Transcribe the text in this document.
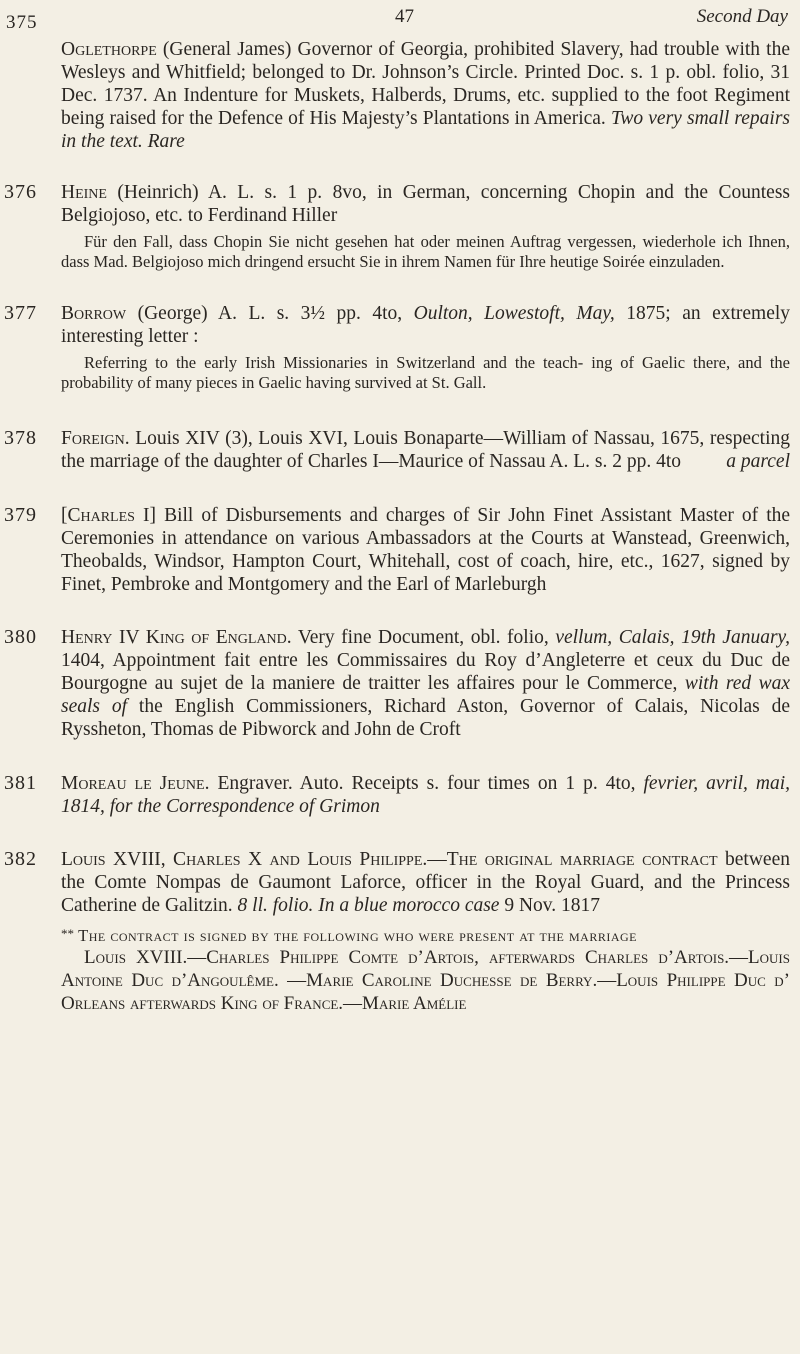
375	47	Second Day
Oglethorpe (General James) Governor of Georgia, prohibited Slavery, had trouble with the Wesleys and Whitfield; belonged to Dr. Johnson’s Circle. Printed Doc. s. 1 p. obl. folio, 31 Dec. 1737. An Indenture for Muskets, Halberds, Drums, etc. supplied to the foot Regiment being raised for the Defence of His Majesty’s Plantations in America. Two very small repairs in the text. Rare
376	Heine (Heinrich) A. L. s. 1 p. 8vo, in German, concerning Chopin and the Countess Belgiojoso, etc. to Ferdinand Hiller
Für den Fall, dass Chopin Sie nicht gesehen hat oder meinen Auftrag vergessen, wiederhole ich Ihnen, dass Mad. Belgiojoso mich dringend ersucht Sie in ihrem Namen für Ihre heutige Soirée einzuladen.
377	Borrow (George) A. L. s. 3½ pp. 4to, Oulton, Lowestoft, May, 1875; an extremely interesting letter :
Referring to the early Irish Missionaries in Switzerland and the teach- ing of Gaelic there, and the probability of many pieces in Gaelic having survived at St. Gall.
378	Foreign. Louis XIV (3), Louis XVI, Louis Bonaparte—William of Nassau, 1675, respecting the marriage of the daughter of Charles I—Maurice of Nassau A. L. s. 2 pp. 4to a parcel
379	[Charles I] Bill of Disbursements and charges of Sir John Finet Assistant Master of the Ceremonies in attendance on various Ambassadors at the Courts at Wanstead, Greenwich, Theobalds, Windsor, Hampton Court, Whitehall, cost of coach, hire, etc., 1627, signed by Finet, Pembroke and Montgomery and the Earl of Marleburgh
380	Henry IV King of England. Very fine Document, obl. folio, vellum, Calais, 19th January, 1404, Appointment fait entre les Commissaires du Roy d’Angleterre et ceux du Duc de Bourgogne au sujet de la maniere de traitter les affaires pour le Commerce, with red wax seals of the English Commissioners, Richard Aston, Governor of Calais, Nicolas de Ryssheton, Thomas de Pibworck and John de Croft
381	Moreau le Jeune. Engraver. Auto. Receipts s. four times on 1 p. 4to, fevrier, avril, mai, 1814, for the Correspondence of Grimon
382	Louis XVIII, Charles X and Louis Philippe.—The original marriage contract between the Comte Nompas de Gaumont Laforce, officer in the Royal Guard, and the Princess Catherine de Galitzin. 8 ll. folio. In a blue morocco case 9 Nov. 1817
** The contract is signed by the following who were present at the marriage
Louis XVIII.—Charles Philippe Comte d’Artois, afterwards Charles d’Artois.—Louis Antoine Duc d’Angoulême. —Marie Caroline Duchesse de Berry.—Louis Philippe Duc d’ Orleans afterwards King of France.—Marie Amélie
